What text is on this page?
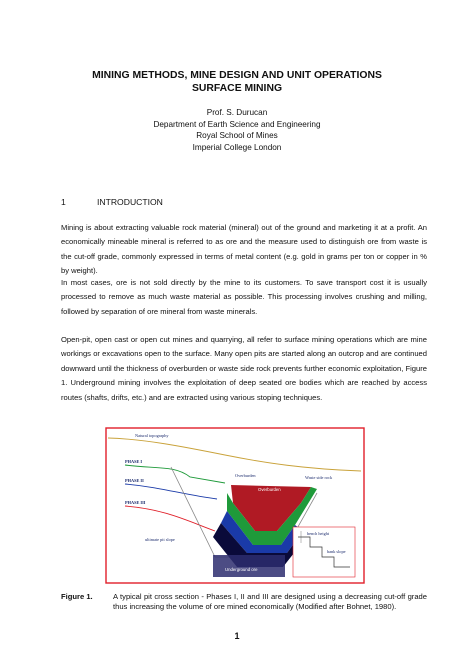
MINING METHODS, MINE DESIGN AND UNIT OPERATIONS
SURFACE MINING
Prof. S. Durucan
Department of Earth Science and Engineering
Royal School of Mines
Imperial College London
1	INTRODUCTION
Mining is about extracting valuable rock material (mineral) out of the ground and marketing it at a profit. An economically mineable mineral is referred to as ore and the measure used to distinguish ore from waste is the cut-off grade, commonly expressed in terms of metal content (e.g. gold in grams per ton or copper in % by weight).
In most cases, ore is not sold directly by the mine to its customers. To save transport cost it is usually processed to remove as much waste material as possible. This processing involves crushing and milling, followed by separation of ore mineral from waste minerals.
Open-pit, open cast or open cut mines and quarrying, all refer to surface mining operations which are mine workings or excavations open to the surface. Many open pits are started along an outcrop and are continued downward until the thickness of overburden or waste side rock prevents further economic exploitation, Figure 1. Underground mining involves the exploitation of deep seated ore bodies which are reached by access routes (shafts, drifts, etc.) and are extracted using various stoping techniques.
Natural topography
PHASE I
PHASE II
PHASE III
Overburden
Overburden
Waste side rock
ultimate pit slope
Underground ore
bench height
bank slope
Figure 1.	A typical pit cross section - Phases I, II and III are designed using a decreasing cut-off grade thus increasing the volume of ore mined economically (Modified after Bohnet, 1980).
1
